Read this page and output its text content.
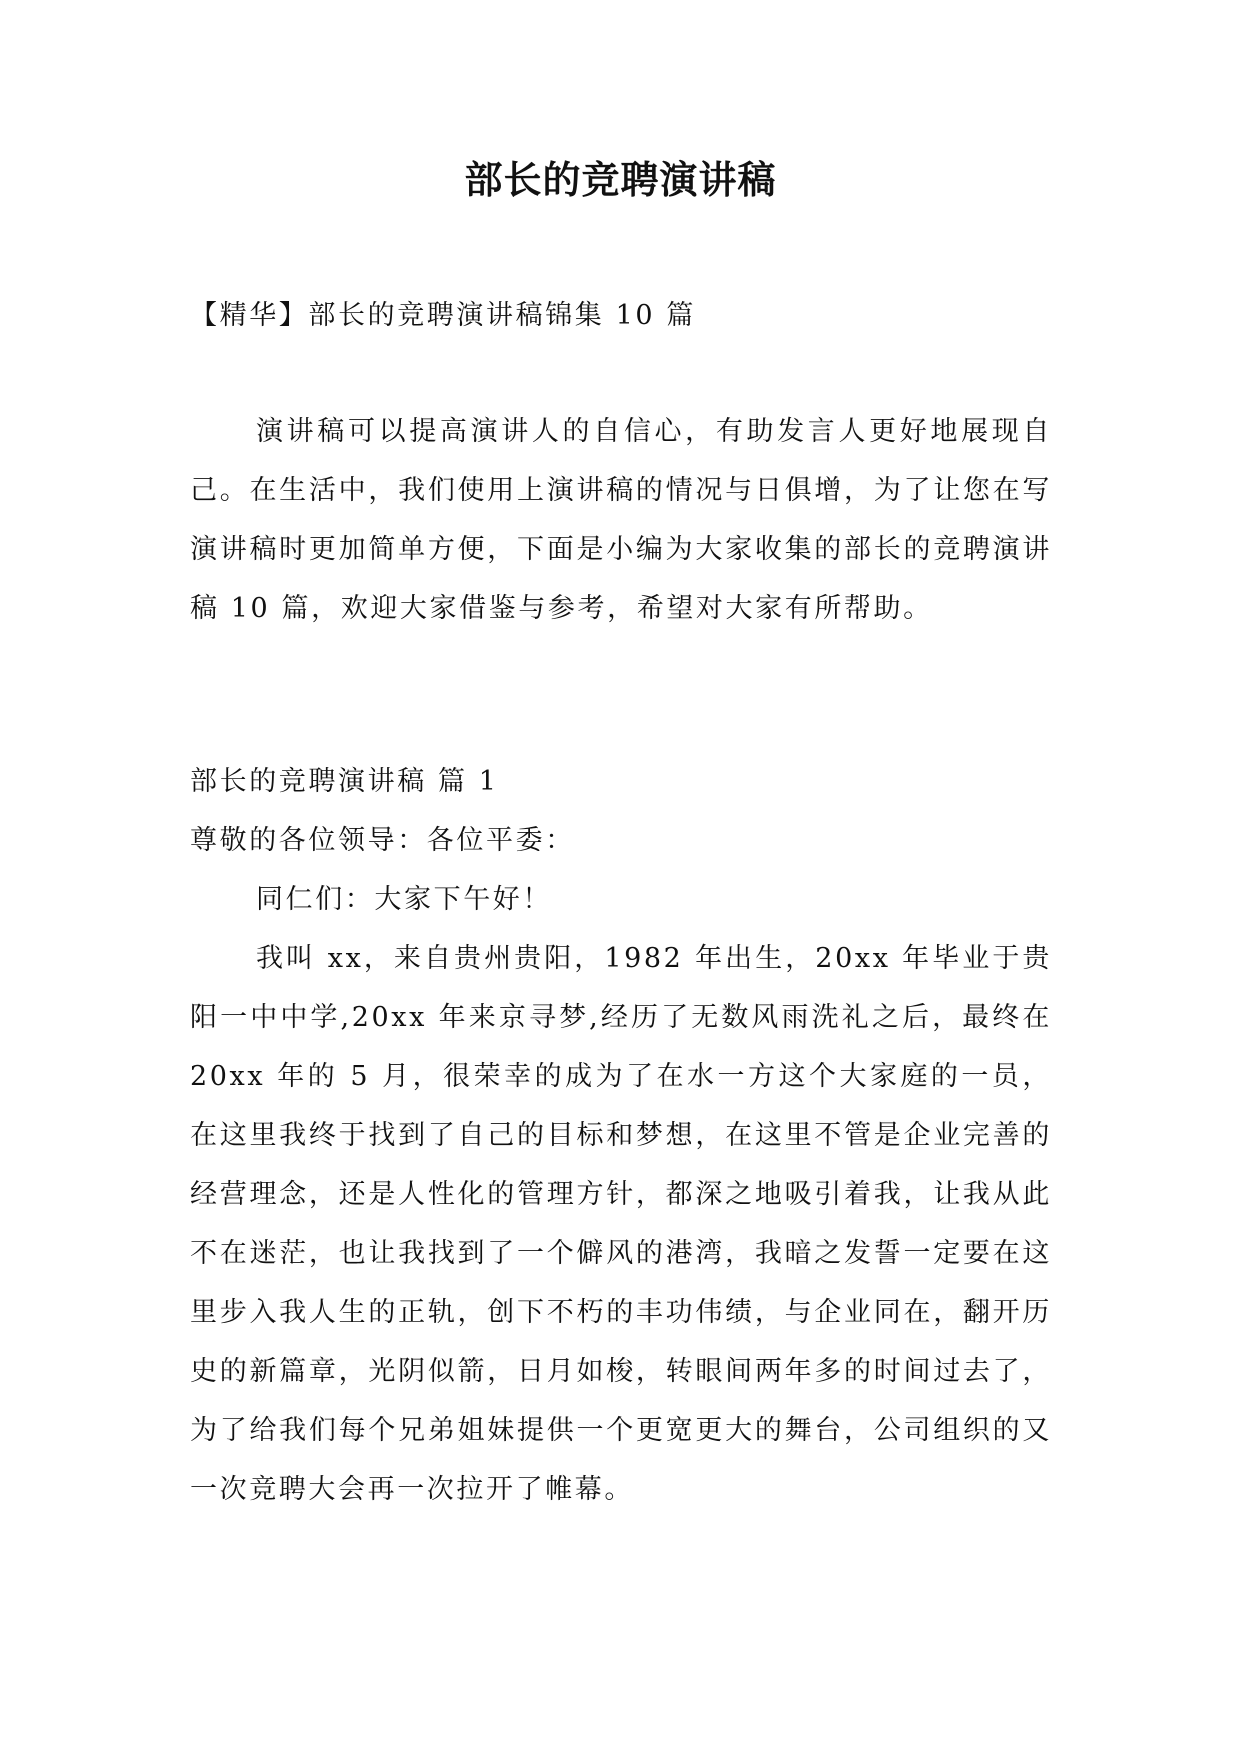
部长的竞聘演讲稿
【精华】部长的竞聘演讲稿锦集 10 篇
演讲稿可以提高演讲人的自信心，有助发言人更好地展现自己。在生活中，我们使用上演讲稿的情况与日俱增，为了让您在写演讲稿时更加简单方便，下面是小编为大家收集的部长的竞聘演讲稿 10 篇，欢迎大家借鉴与参考，希望对大家有所帮助。
部长的竞聘演讲稿 篇 1
尊敬的各位领导：各位平委：
同仁们：大家下午好！
我叫 xx，来自贵州贵阳，1982 年出生，20xx 年毕业于贵阳一中中学,20xx 年来京寻梦,经历了无数风雨洗礼之后，最终在 20xx 年的 5 月，很荣幸的成为了在水一方这个大家庭的一员，在这里我终于找到了自己的目标和梦想，在这里不管是企业完善的经营理念，还是人性化的管理方针，都深之地吸引着我，让我从此不在迷茫，也让我找到了一个僻风的港湾，我暗之发誓一定要在这里步入我人生的正轨，创下不朽的丰功伟绩，与企业同在，翻开历史的新篇章，光阴似箭，日月如梭，转眼间两年多的时间过去了，为了给我们每个兄弟姐妹提供一个更宽更大的舞台，公司组织的又一次竞聘大会再一次拉开了帷幕。
